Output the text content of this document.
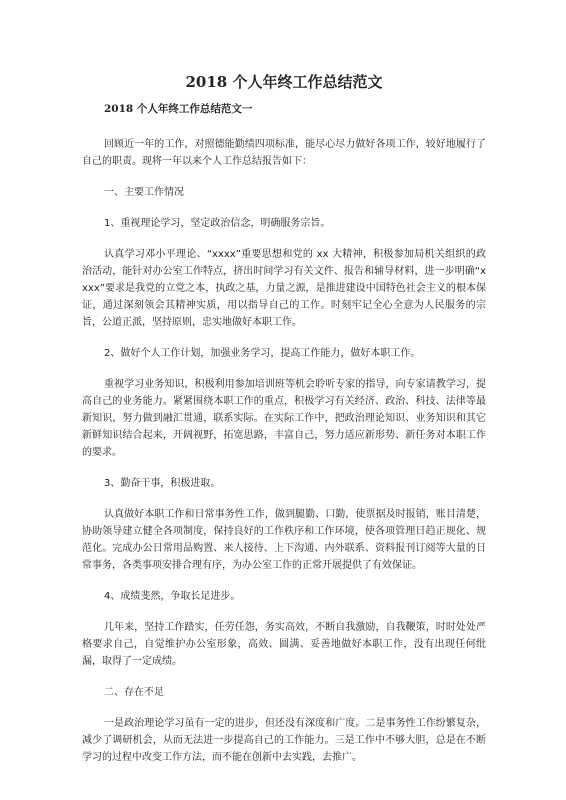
2018 个人年终工作总结范文
2018 个人年终工作总结范文一
回顾近一年的工作，对照德能勤绩四项标准，能尽心尽力做好各项工作，较好地履行了自己的职责。现将一年以来个人工作总结报告如下：
一、主要工作情况
1、重视理论学习，坚定政治信念，明确服务宗旨。
认真学习邓小平理论、“xxxx”重要思想和党的 xx 大精神，积极参加局机关组织的政治活动，能针对办公室工作特点，挤出时间学习有关文件、报告和辅导材料，进一步明确“xxxx”要求是我党的立党之本，执政之基，力量之源，是推进建设中国特色社会主义的根本保证，通过深刻领会其精神实质，用以指导自己的工作。时刻牢记全心全意为人民服务的宗旨，公道正派，坚持原则，忠实地做好本职工作。
2、做好个人工作计划，加强业务学习，提高工作能力，做好本职工作。
重视学习业务知识，积极利用参加培训班等机会聆听专家的指导，向专家请教学习，提高自己的业务能力。紧紧围绕本职工作的重点，积极学习有关经济、政治、科技、法律等最新知识，努力做到融汇贯通，联系实际。在实际工作中，把政治理论知识、业务知识和其它新鲜知识结合起来，开阔视野，拓宽思路，丰富自己，努力适应新形势、新任务对本职工作的要求。
3、勤奋干事，积极进取。
认真做好本职工作和日常事务性工作，做到腿勤、口勤，使票据及时报销，账目清楚，协助领导建立健全各项制度，保持良好的工作秩序和工作环境，使各项管理日趋正规化、规范化。完成办公日常用品购置、来人接待、上下沟通、内外联系、资料报刊订阅等大量的日常事务，各类事项安排合理有序，为办公室工作的正常开展提供了有效保证。
4、成绩斐然，争取长足进步。
几年来，坚持工作踏实，任劳任怨，务实高效，不断自我激励，自我鞭策，时时处处严格要求自己，自觉维护办公室形象，高效、圆满、妥善地做好本职工作，没有出现任何纰漏，取得了一定成绩。
二、存在不足
一是政治理论学习虽有一定的进步，但还没有深度和广度。二是事务性工作纷繁复杂，减少了调研机会，从而无法进一步提高自己的工作能力。三是工作中不够大胆，总是在不断学习的过程中改变工作方法，而不能在创新中去实践，去推广。
